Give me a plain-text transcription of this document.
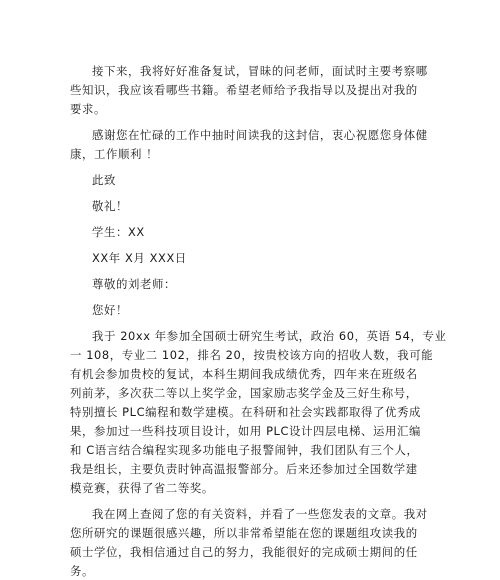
接下来，我将好好准备复试，冒昧的问老师，面试时主要考察哪
些知识，我应该看哪些书籍。希望老师给予我指导以及提出对我的
要求。
感谢您在忙碌的工作中抽时间读我的这封信，衷心祝愿您身体健
康，工作顺利 ！
此致
敬礼！
学生：XX
XX年 X月 XXX日
尊敬的刘老师：
您好！
我于 20xx 年参加全国硕士研究生考试，政治 60，英语 54，专业
一 108，专业二 102，排名 20，按贵校该方向的招收人数，我可能
有机会参加贵校的复试，本科生期间我成绩优秀，四年来在班级名
列前茅，多次获二等以上奖学金，国家励志奖学金及三好生称号，
特别擅长 PLC编程和数学建模。在科研和社会实践都取得了优秀成
果，参加过一些科技项目设计，如用 PLC设计四层电梯、运用汇编
和 C语言结合编程实现多功能电子报警闹钟，我们团队有三个人，
我是组长，主要负责时钟高温报警部分。后来还参加过全国数学建
模竞赛，获得了省二等奖。
我在网上查阅了您的有关资料，并看了一些您发表的文章。我对
您所研究的课题很感兴趣，所以非常希望能在您的课题组攻读我的
硕士学位，我相信通过自己的努力，我能很好的完成硕士期间的任
务。
